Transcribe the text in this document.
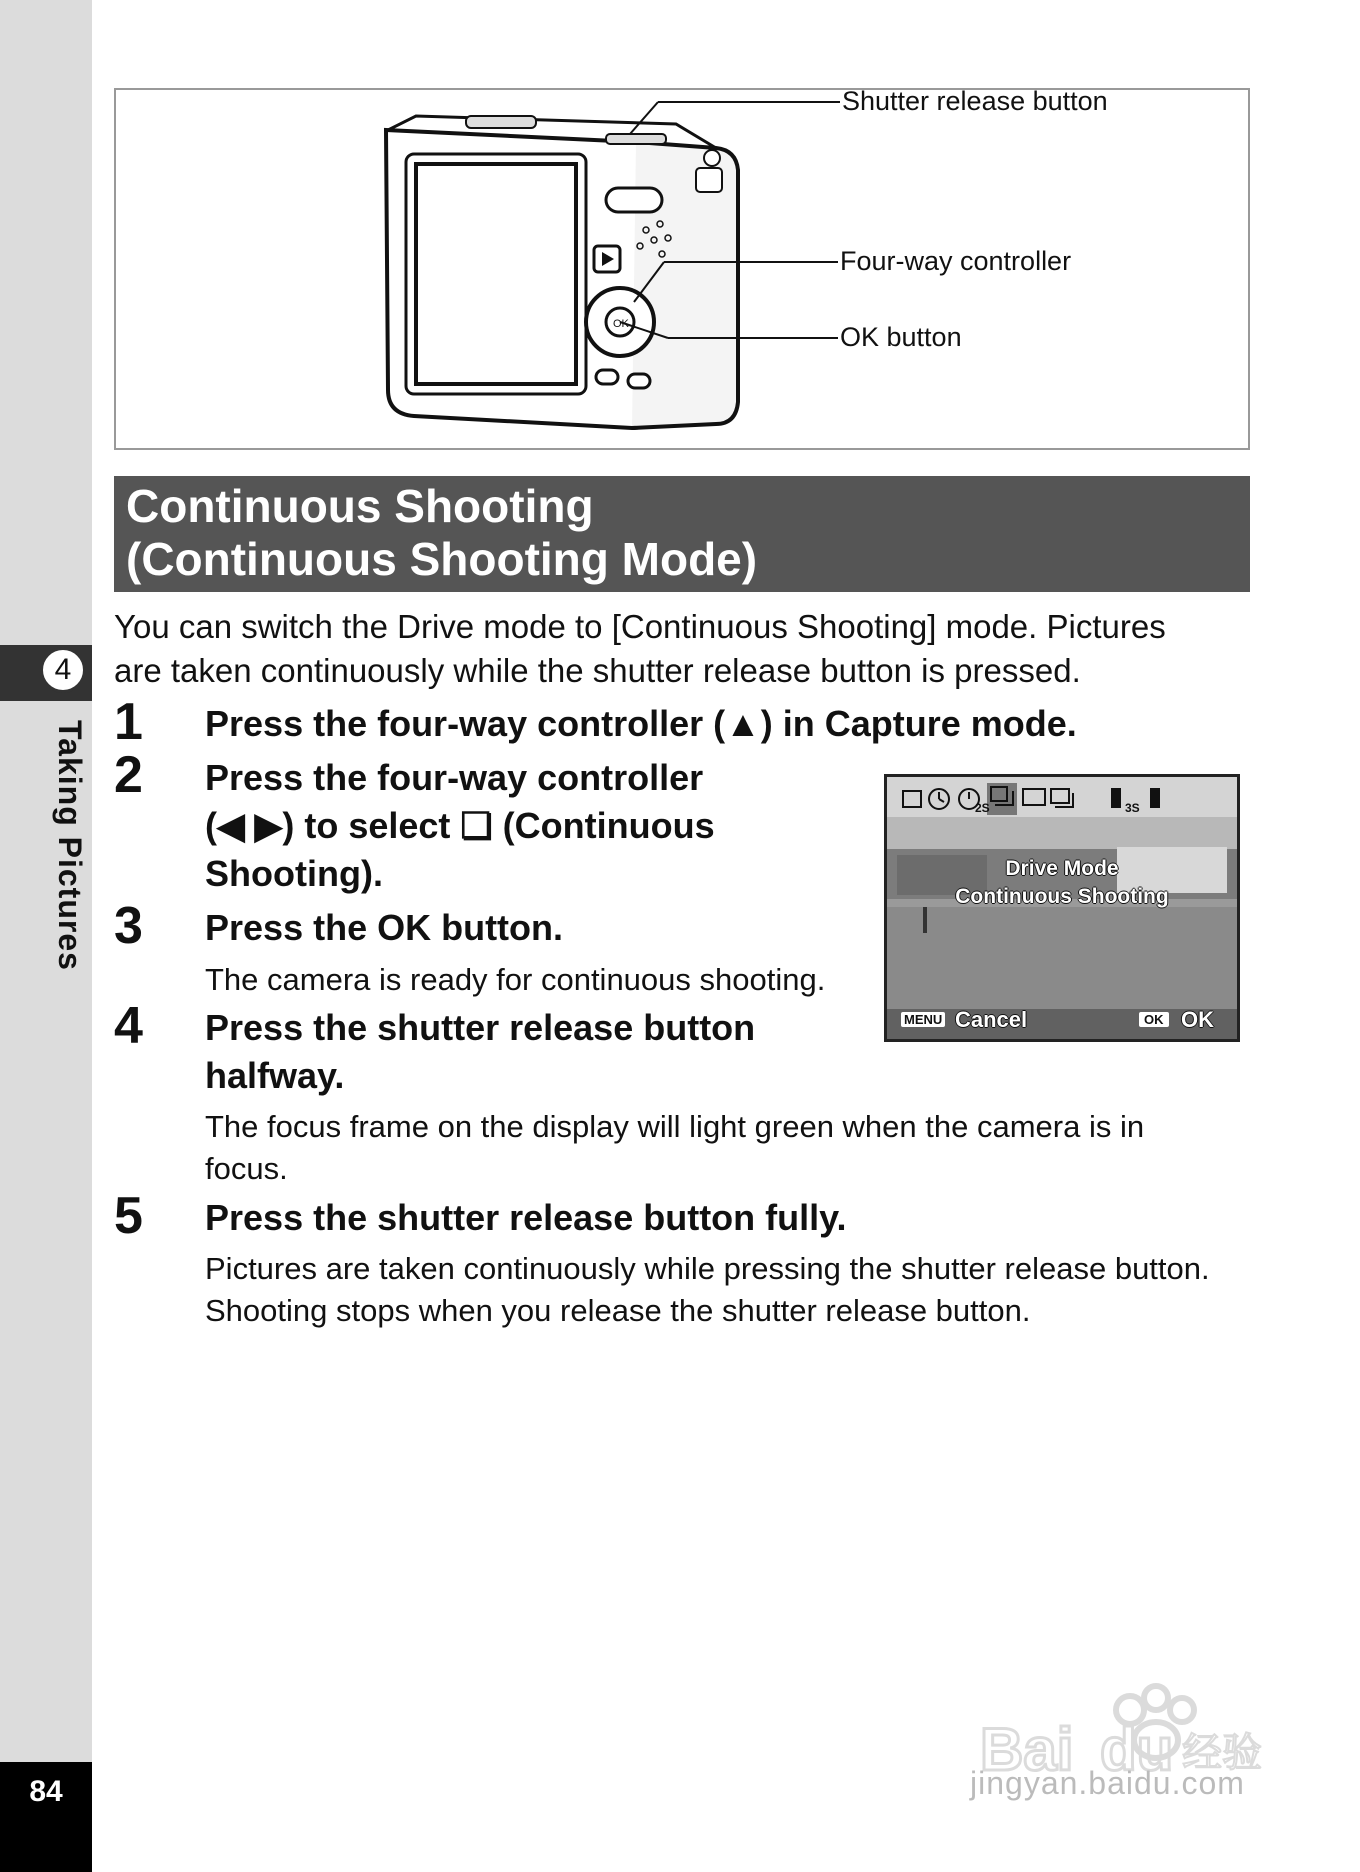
4
Taking Pictures
84
OK
Shutter release button
Four-way controller
OK button
Continuous Shooting
(Continuous Shooting Mode)
You can switch the Drive mode to [Continuous Shooting] mode. Pictures
are taken continuously while the shutter release button is pressed.
1 Press the four-way controller (▲) in Capture mode.
2 Press the four-way controller
(◀ ▶) to select ❏ (Continuous
Shooting).
3 Press the OK button.
The camera is ready for continuous shooting.
4 Press the shutter release button
halfway.
The focus frame on the display will light green when the camera is in
focus.
5 Press the shutter release button fully.
Pictures are taken continuously while pressing the shutter release button.
Shooting stops when you release the shutter release button.
2S	3S
Drive Mode
Continuous Shooting
MENU Cancel	OK OK
Bai du 经验
jingyan.baidu.com
